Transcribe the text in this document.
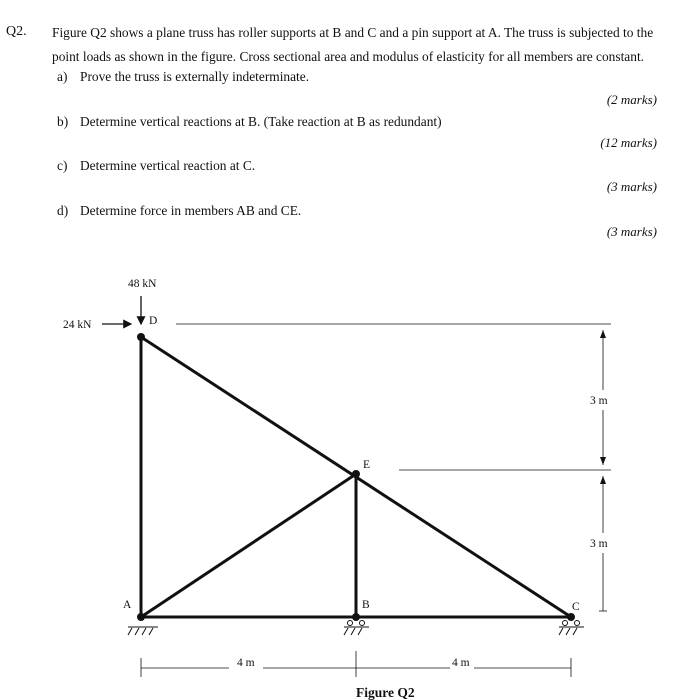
Q2. Figure Q2 shows a plane truss has roller supports at B and C and a pin support at A. The truss is subjected to the
point loads as shown in the figure. Cross sectional area and modulus of elasticity for all members are constant.
a) Prove the truss is externally indeterminate.
(2 marks)
b) Determine vertical reactions at B. (Take reaction at B as redundant)
(12 marks)
c) Determine vertical reaction at C.
(3 marks)
d) Determine force in members AB and CE.
(3 marks)
48 kN
24 kN	D
E
A	B	C
3 m
3 m
4 m	4 m
Figure Q2
